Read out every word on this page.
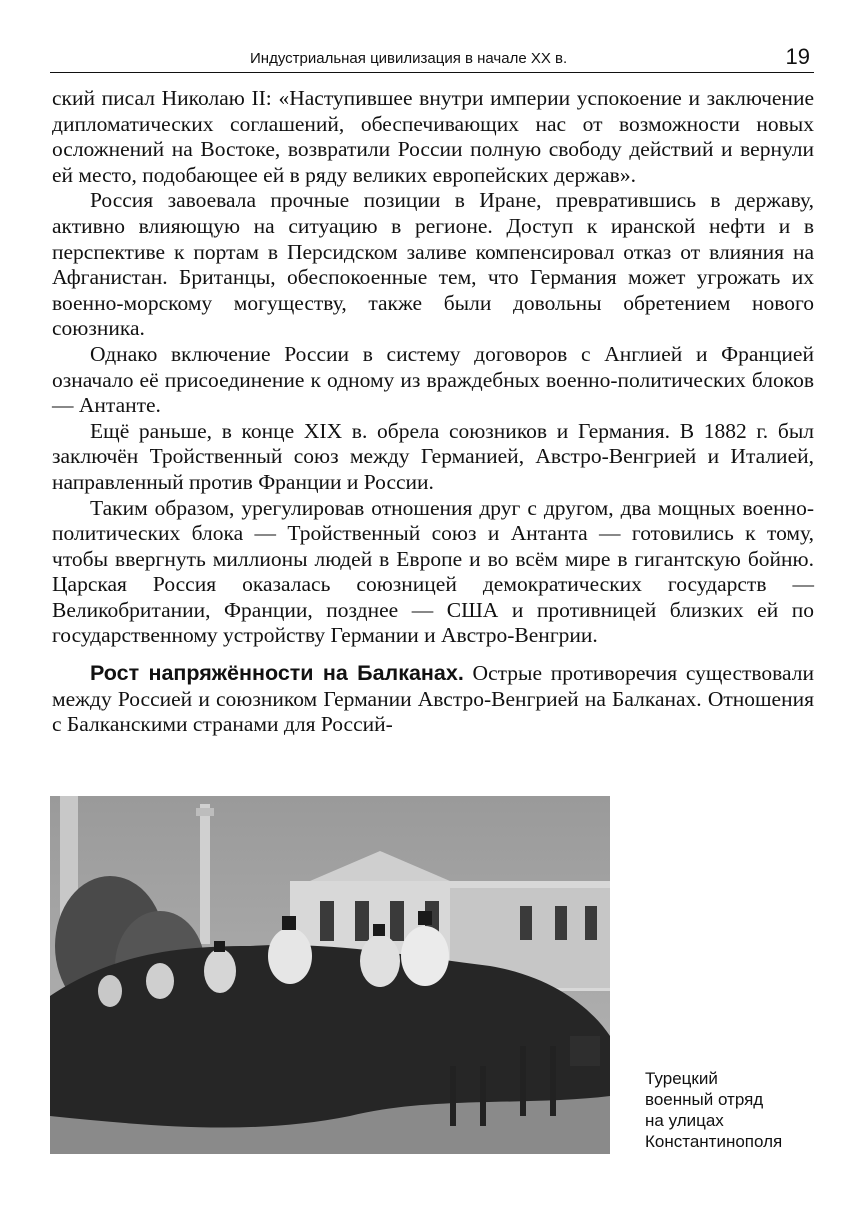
Индустриальная цивилизация в начале XX в.	19

ский писал Николаю II: «Наступившее внутри империи успокоение и заключение дипломатических соглашений, обеспечивающих нас от возможности новых осложнений на Востоке, возвратили России полную свободу действий и вернули ей место, подобающее ей в ряду великих европейских держав».

Россия завоевала прочные позиции в Иране, превратившись в державу, активно влияющую на ситуацию в регионе. Доступ к иранской нефти и в перспективе к портам в Персидском заливе компенсировал отказ от влияния на Афганистан. Британцы, обеспокоенные тем, что Германия может угрожать их военно-морскому могуществу, также были довольны обретением нового союзника.

Однако включение России в систему договоров с Англией и Францией означало её присоединение к одному из враждебных военно-политических блоков — Антанте.

Ещё раньше, в конце XIX в. обрела союзников и Германия. В 1882 г. был заключён Тройственный союз между Германией, Австро-Венгрией и Италией, направленный против Франции и России.

Таким образом, урегулировав отношения друг с другом, два мощных военно-политических блока — Тройственный союз и Антанта — готовились к тому, чтобы ввергнуть миллионы людей в Европе и во всём мире в гигантскую бойню. Царская Россия оказалась союзницей демократических государств — Великобритании, Франции, позднее — США и противницей близких ей по государственному устройству Германии и Австро-Венгрии.

Рост напряжённости на Балканах. Острые противоречия существовали между Россией и союзником Германии Австро-Венгрией на Балканах. Отношения с Балканскими странами для Россий-

Турецкий
военный отряд
на улицах
Константинополя
